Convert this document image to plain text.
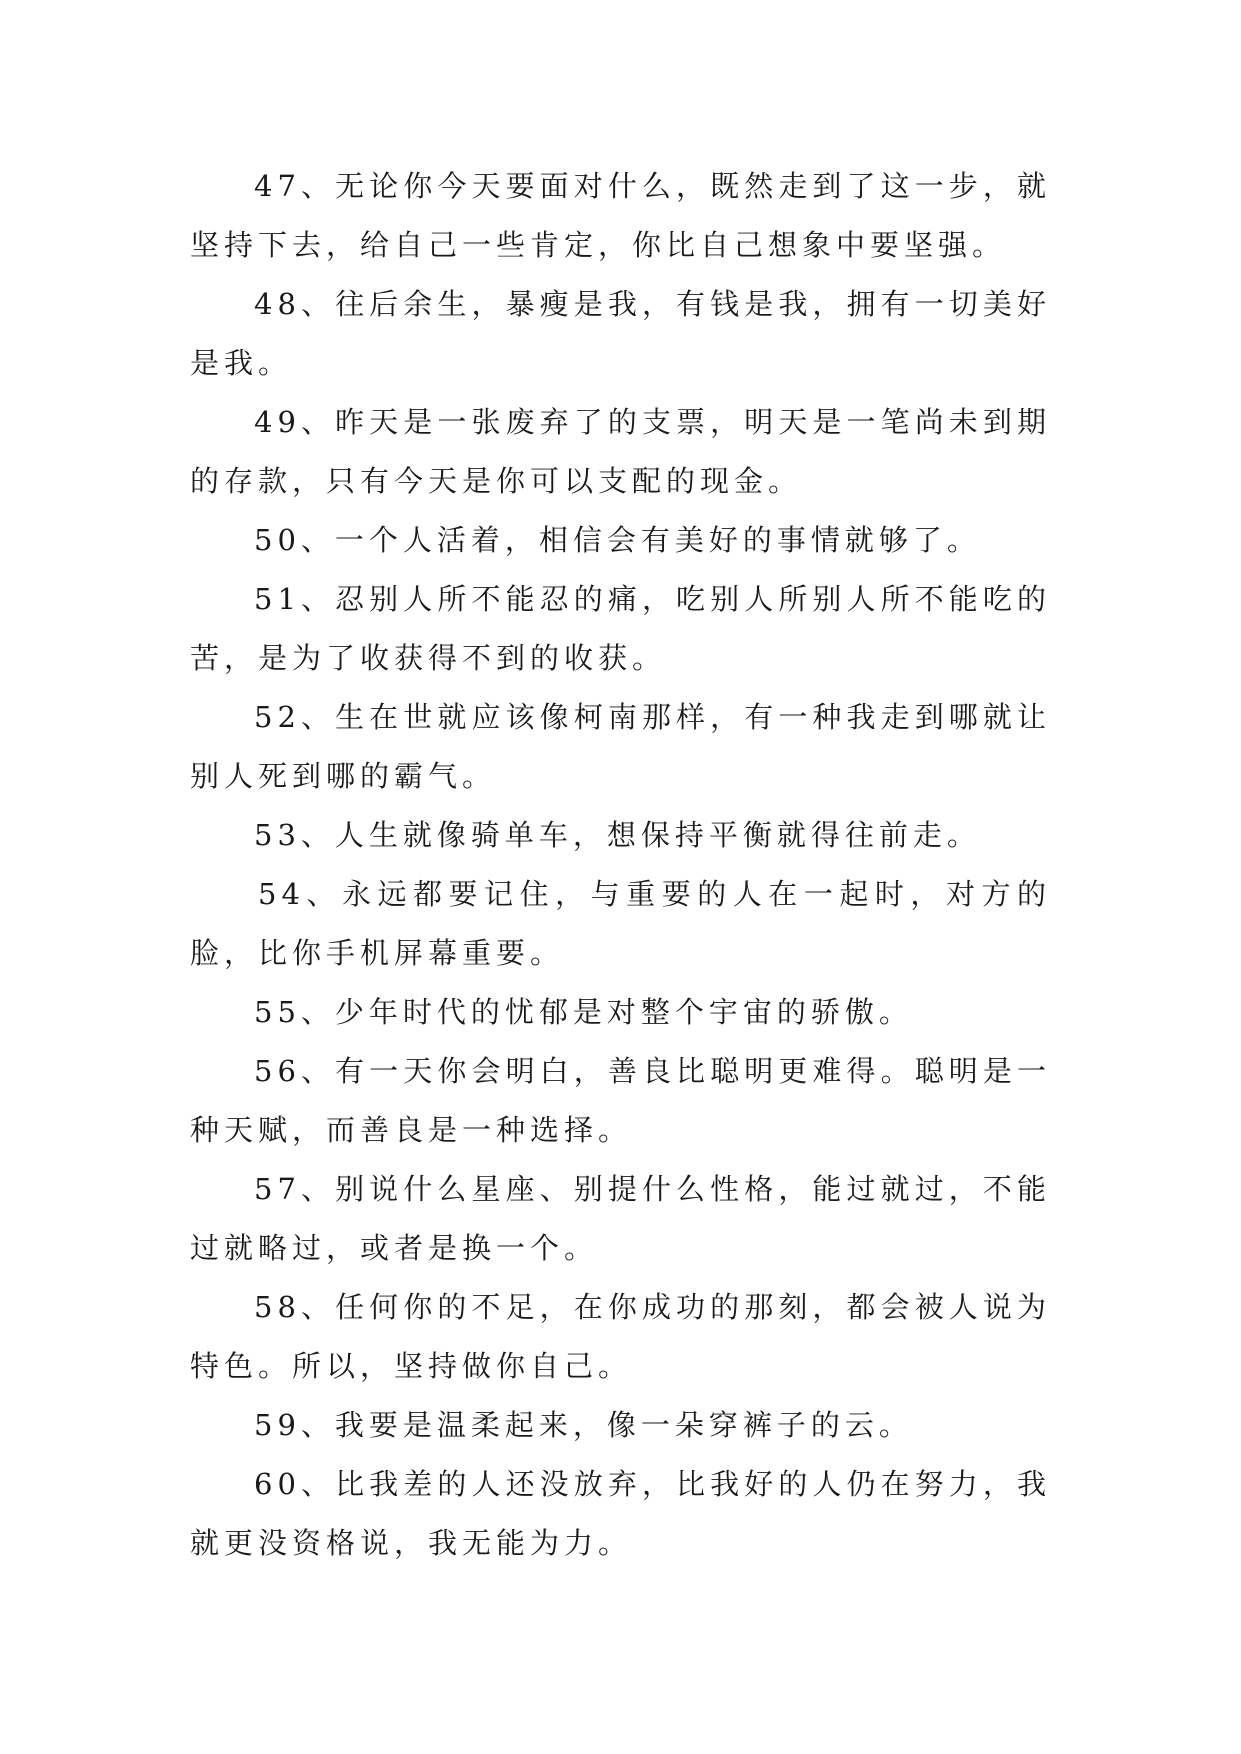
47、无论你今天要面对什么，既然走到了这一步，就坚持下去，给自己一些肯定，你比自己想象中要坚强。

48、往后余生，暴瘦是我，有钱是我，拥有一切美好是我。

49、昨天是一张废弃了的支票，明天是一笔尚未到期的存款，只有今天是你可以支配的现金。

50、一个人活着，相信会有美好的事情就够了。

51、忍别人所不能忍的痛，吃别人所别人所不能吃的苦，是为了收获得不到的收获。

52、生在世就应该像柯南那样，有一种我走到哪就让别人死到哪的霸气。

53、人生就像骑单车，想保持平衡就得往前走。

54、永远都要记住，与重要的人在一起时，对方的脸，比你手机屏幕重要。

55、少年时代的忧郁是对整个宇宙的骄傲。

56、有一天你会明白，善良比聪明更难得。聪明是一种天赋，而善良是一种选择。

57、别说什么星座、别提什么性格，能过就过，不能过就略过，或者是换一个。

58、任何你的不足，在你成功的那刻，都会被人说为特色。所以，坚持做你自己。

59、我要是温柔起来，像一朵穿裤子的云。

60、比我差的人还没放弃，比我好的人仍在努力，我就更没资格说，我无能为力。
